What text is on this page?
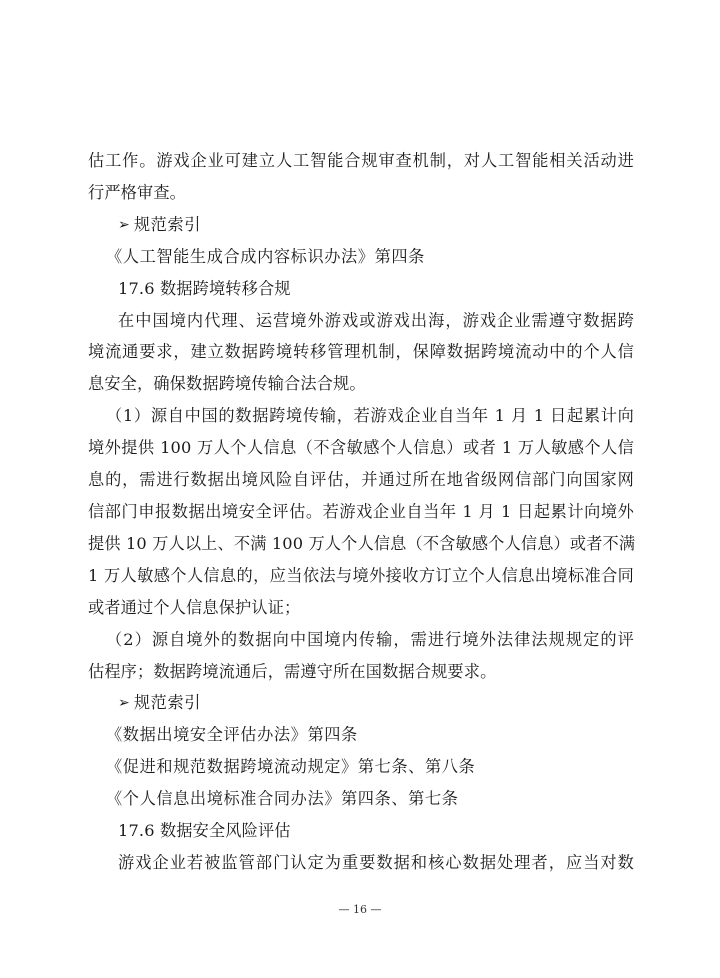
估工作。游戏企业可建立人工智能合规审查机制，对人工智能相关活动进
行严格审查。
➢ 规范索引
《人工智能生成合成内容标识办法》第四条
17.6 数据跨境转移合规
在中国境内代理、运营境外游戏或游戏出海，游戏企业需遵守数据跨
境流通要求，建立数据跨境转移管理机制，保障数据跨境流动中的个人信
息安全，确保数据跨境传输合法合规。
（1）源自中国的数据跨境传输，若游戏企业自当年 1 月 1 日起累计向
境外提供 100 万人个人信息（不含敏感个人信息）或者 1 万人敏感个人信
息的，需进行数据出境风险自评估，并通过所在地省级网信部门向国家网
信部门申报数据出境安全评估。若游戏企业自当年 1 月 1 日起累计向境外
提供 10 万人以上、不满 100 万人个人信息（不含敏感个人信息）或者不满
1 万人敏感个人信息的，应当依法与境外接收方订立个人信息出境标准合同
或者通过个人信息保护认证；
（2）源自境外的数据向中国境内传输，需进行境外法律法规规定的评
估程序；数据跨境流通后，需遵守所在国数据合规要求。
➢ 规范索引
《数据出境安全评估办法》第四条
《促进和规范数据跨境流动规定》第七条、第八条
《个人信息出境标准合同办法》第四条、第七条
17.6 数据安全风险评估
游戏企业若被监管部门认定为重要数据和核心数据处理者，应当对数
— 16 —
